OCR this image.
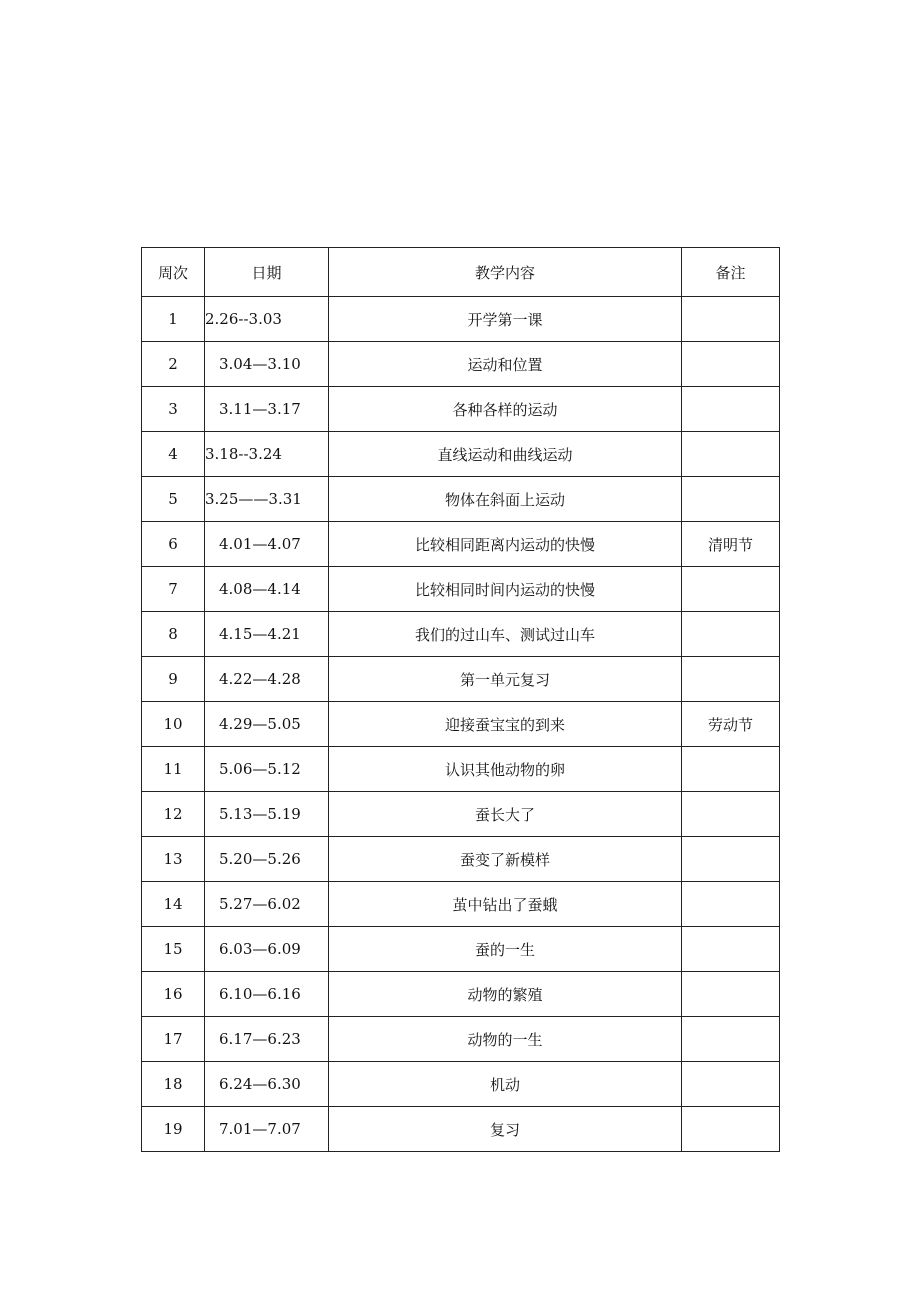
周次	日期	教学内容	备注
1	2.26--3.03	开学第一课	
2	3.04—3.10	运动和位置	
3	3.11—3.17	各种各样的运动	
4	3.18--3.24	直线运动和曲线运动	
5	3.25——3.31	物体在斜面上运动	
6	4.01—4.07	比较相同距离内运动的快慢	清明节
7	4.08—4.14	比较相同时间内运动的快慢	
8	4.15—4.21	我们的过山车、测试过山车	
9	4.22—4.28	第一单元复习	
10	4.29—5.05	迎接蚕宝宝的到来	劳动节
11	5.06—5.12	认识其他动物的卵	
12	5.13—5.19	蚕长大了	
13	5.20—5.26	蚕变了新模样	
14	5.27—6.02	茧中钻出了蚕蛾	
15	6.03—6.09	蚕的一生	
16	6.10—6.16	动物的繁殖	
17	6.17—6.23	动物的一生	
18	6.24—6.30	机动	
19	7.01—7.07	复习	
